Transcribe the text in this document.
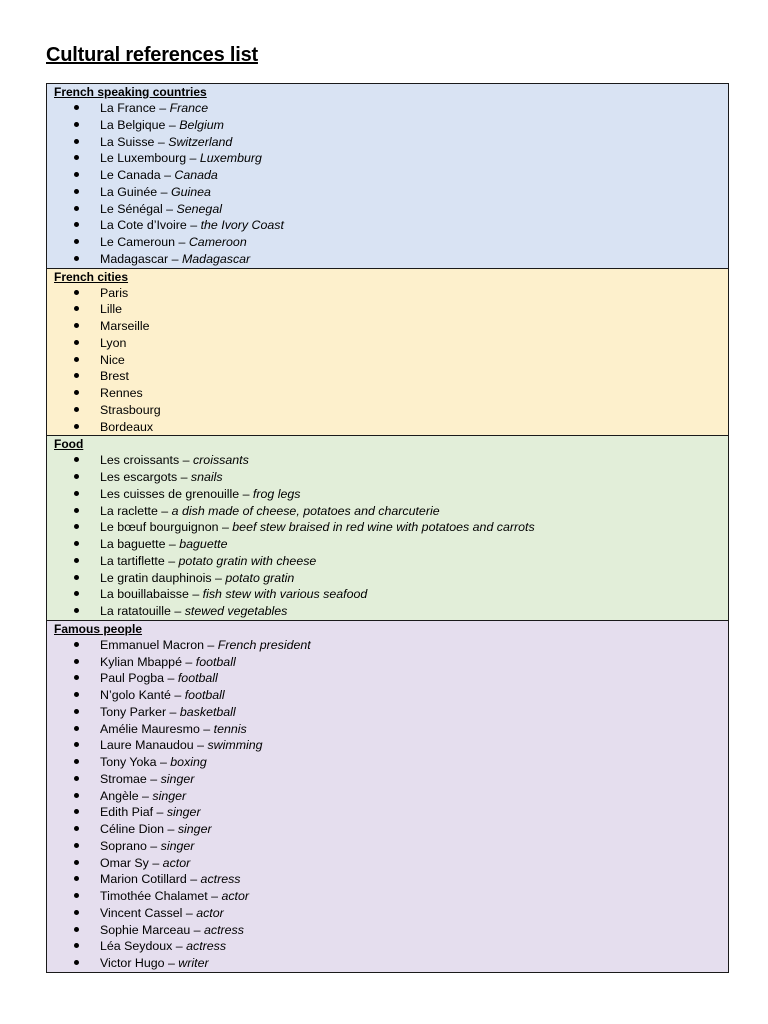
Cultural references list
French speaking countries
La France – France
La Belgique – Belgium
La Suisse – Switzerland
Le Luxembourg – Luxemburg
Le Canada – Canada
La Guinée – Guinea
Le Sénégal – Senegal
La Cote d’Ivoire – the Ivory Coast
Le Cameroun – Cameroon
Madagascar – Madagascar

French cities
Paris
Lille
Marseille
Lyon
Nice
Brest
Rennes
Strasbourg
Bordeaux

Food
Les croissants – croissants
Les escargots – snails
Les cuisses de grenouille – frog legs
La raclette – a dish made of cheese, potatoes and charcuterie
Le bœuf bourguignon – beef stew braised in red wine with potatoes and carrots
La baguette – baguette
La tartiflette – potato gratin with cheese
Le gratin dauphinois – potato gratin
La bouillabaisse – fish stew with various seafood
La ratatouille – stewed vegetables

Famous people
Emmanuel Macron – French president
Kylian Mbappé – football
Paul Pogba – football
N’golo Kanté – football
Tony Parker – basketball
Amélie Mauresmo – tennis
Laure Manaudou – swimming
Tony Yoka – boxing
Stromae – singer
Angèle – singer
Edith Piaf – singer
Céline Dion – singer
Soprano – singer
Omar Sy – actor
Marion Cotillard – actress
Timothée Chalamet – actor
Vincent Cassel – actor
Sophie Marceau – actress
Léa Seydoux – actress
Victor Hugo – writer
